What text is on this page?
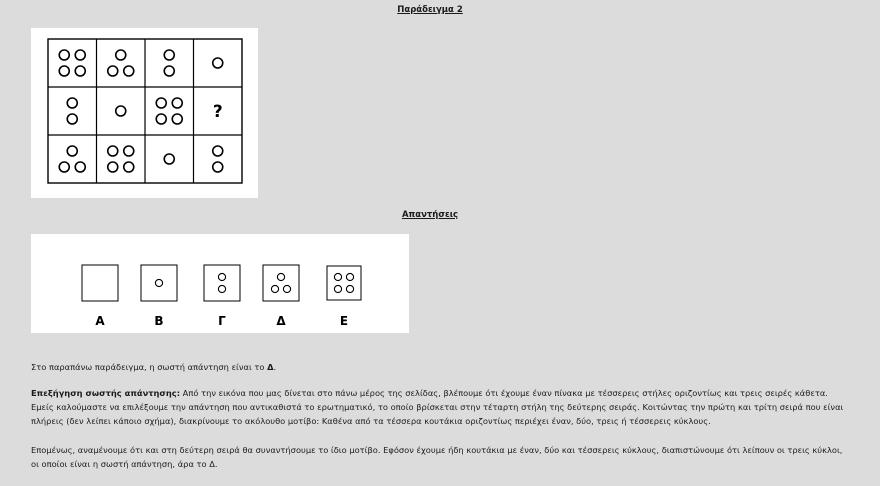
Παράδειγμα 2
?
Απαντήσεις
Α	Β	Γ	Δ	Ε
Στο παραπάνω παράδειγμα, η σωστή απάντηση είναι το Δ.
Επεξήγηση σωστής απάντησης: Από την εικόνα που μας δίνεται στο πάνω μέρος της σελίδας, βλέπουμε ότι έχουμε έναν πίνακα με τέσσερεις στήλες οριζοντίως και τρεις σειρές κάθετα. Εμείς καλούμαστε να επιλέξουμε την απάντηση που αντικαθιστά το ερωτηματικό, το οποίο βρίσκεται στην τέταρτη στήλη της δεύτερης σειράς. Κοιτώντας την πρώτη και τρίτη σειρά που είναι πλήρεις (δεν λείπει κάποιο σχήμα), διακρίνουμε το ακόλουθο μοτίβο: Καθένα από τα τέσσερα κουτάκια οριζοντίως περιέχει έναν, δύο, τρεις ή τέσσερεις κύκλους.
Επομένως, αναμένουμε ότι και στη δεύτερη σειρά θα συναντήσουμε το ίδιο μοτίβο. Εφόσον έχουμε ήδη κουτάκια με έναν, δύο και τέσσερεις κύκλους, διαπιστώνουμε ότι λείπουν οι τρεις κύκλοι, οι οποίοι είναι η σωστή απάντηση, άρα το Δ.
